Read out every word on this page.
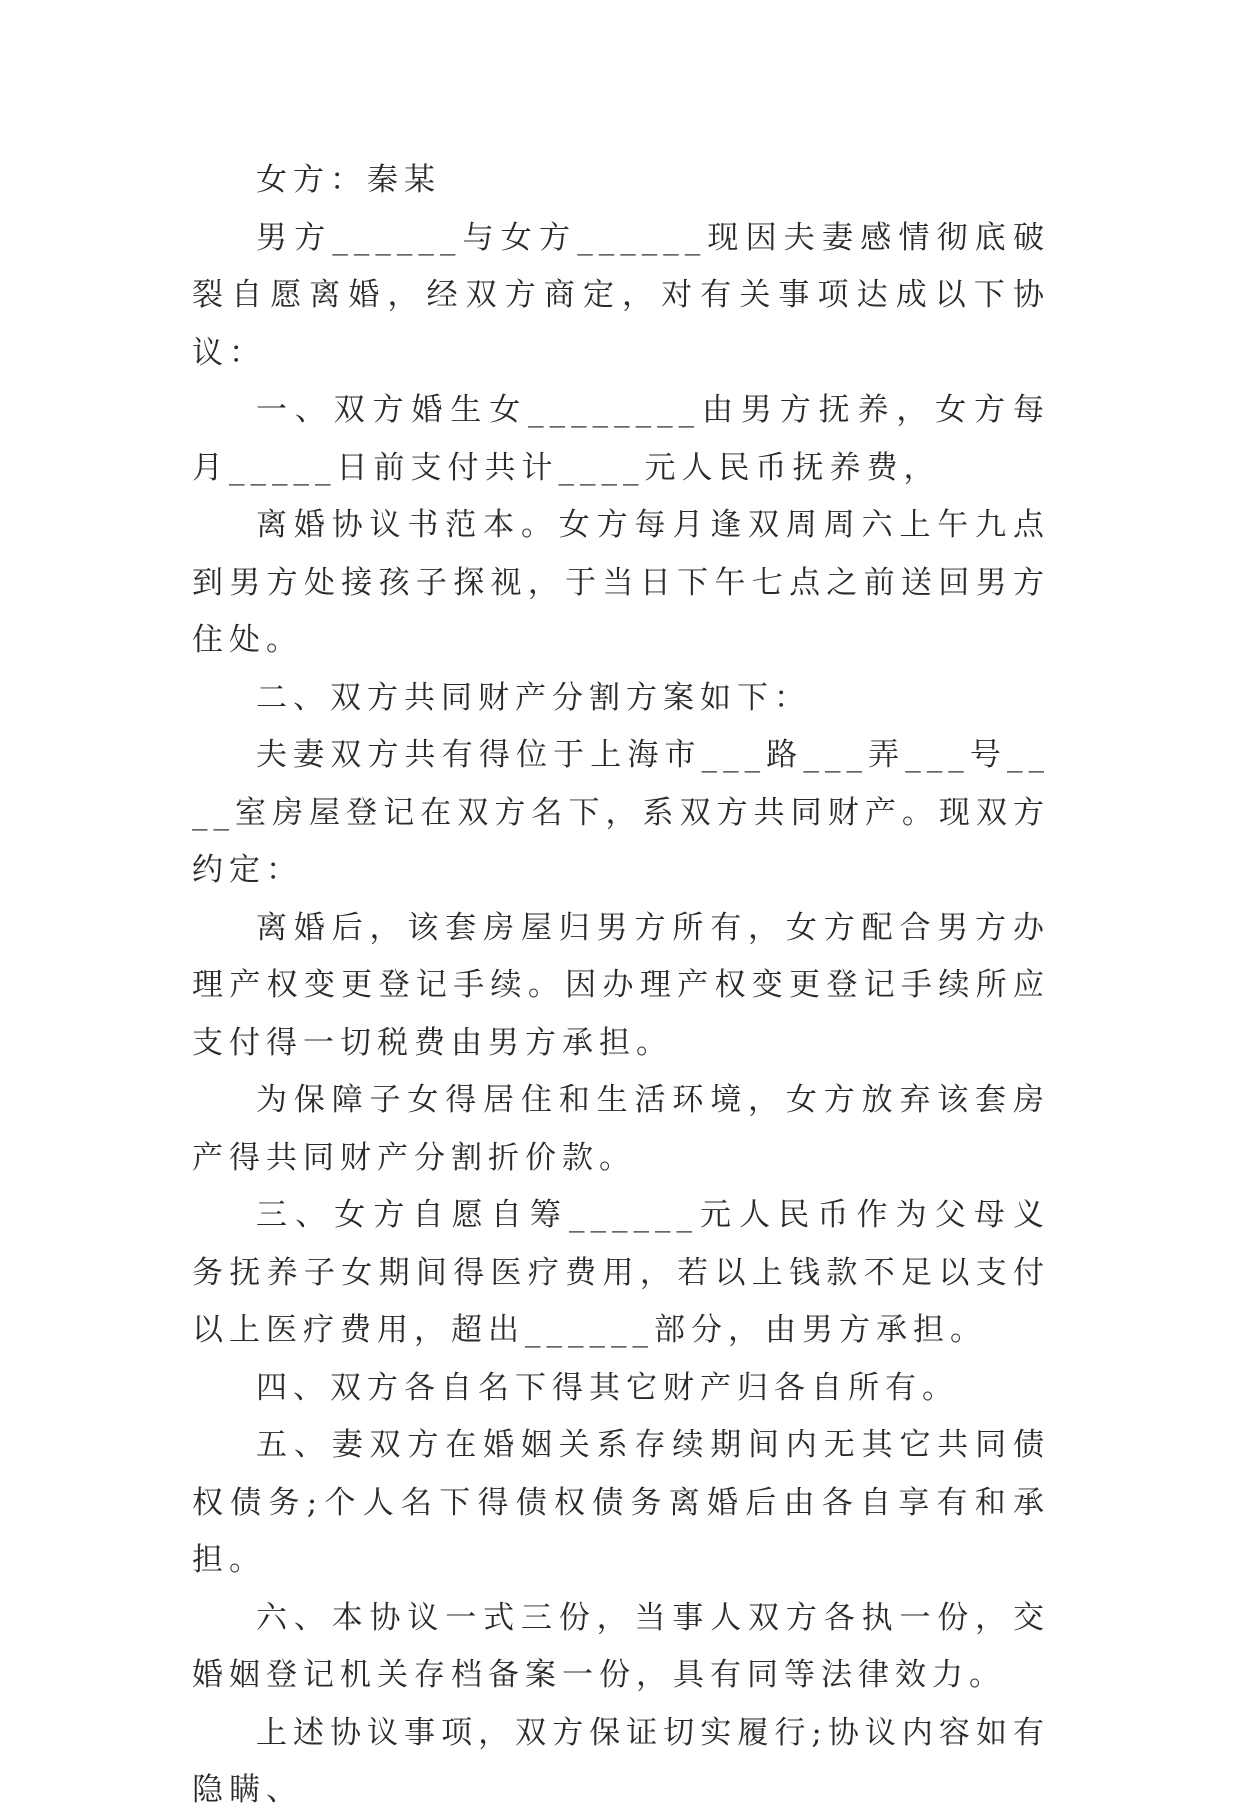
女方：秦某

男方______与女方______现因夫妻感情彻底破裂自愿离婚，经双方商定，对有关事项达成以下协议：

一、双方婚生女________由男方抚养，女方每月_____日前支付共计____元人民币抚养费，

离婚协议书范本。女方每月逢双周周六上午九点到男方处接孩子探视，于当日下午七点之前送回男方住处。

二、双方共同财产分割方案如下：

夫妻双方共有得位于上海市___路___弄___号____室房屋登记在双方名下，系双方共同财产。现双方约定：

离婚后，该套房屋归男方所有，女方配合男方办理产权变更登记手续。因办理产权变更登记手续所应支付得一切税费由男方承担。

为保障子女得居住和生活环境，女方放弃该套房产得共同财产分割折价款。

三、女方自愿自筹______元人民币作为父母义务抚养子女期间得医疗费用，若以上钱款不足以支付以上医疗费用，超出______部分，由男方承担。

四、双方各自名下得其它财产归各自所有。

五、妻双方在婚姻关系存续期间内无其它共同债权债务;个人名下得债权债务离婚后由各自享有和承担。

六、本协议一式三份，当事人双方各执一份，交婚姻登记机关存档备案一份，具有同等法律效力。

上述协议事项，双方保证切实履行;协议内容如有隐瞒、
